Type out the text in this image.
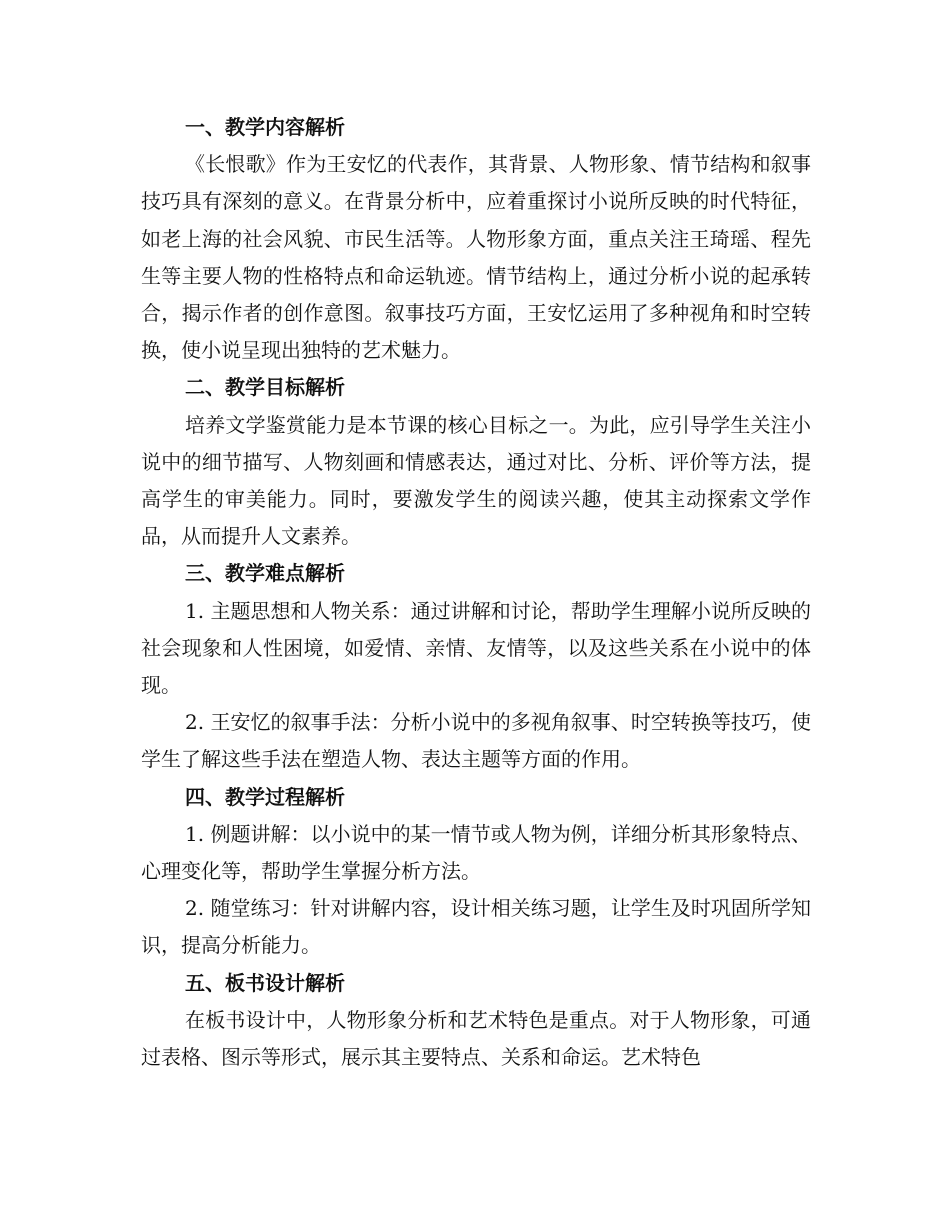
一、教学内容解析

《长恨歌》作为王安忆的代表作，其背景、人物形象、情节结构和叙事技巧具有深刻的意义。在背景分析中，应着重探讨小说所反映的时代特征，如老上海的社会风貌、市民生活等。人物形象方面，重点关注王琦瑶、程先生等主要人物的性格特点和命运轨迹。情节结构上，通过分析小说的起承转合，揭示作者的创作意图。叙事技巧方面，王安忆运用了多种视角和时空转换，使小说呈现出独特的艺术魅力。

二、教学目标解析

培养文学鉴赏能力是本节课的核心目标之一。为此，应引导学生关注小说中的细节描写、人物刻画和情感表达，通过对比、分析、评价等方法，提高学生的审美能力。同时，要激发学生的阅读兴趣，使其主动探索文学作品，从而提升人文素养。

三、教学难点解析

1. 主题思想和人物关系：通过讲解和讨论，帮助学生理解小说所反映的社会现象和人性困境，如爱情、亲情、友情等，以及这些关系在小说中的体现。

2. 王安忆的叙事手法：分析小说中的多视角叙事、时空转换等技巧，使学生了解这些手法在塑造人物、表达主题等方面的作用。

四、教学过程解析

1. 例题讲解：以小说中的某一情节或人物为例，详细分析其形象特点、心理变化等，帮助学生掌握分析方法。

2. 随堂练习：针对讲解内容，设计相关练习题，让学生及时巩固所学知识，提高分析能力。

五、板书设计解析

在板书设计中，人物形象分析和艺术特色是重点。对于人物形象，可通过表格、图示等形式，展示其主要特点、关系和命运。艺术特色
